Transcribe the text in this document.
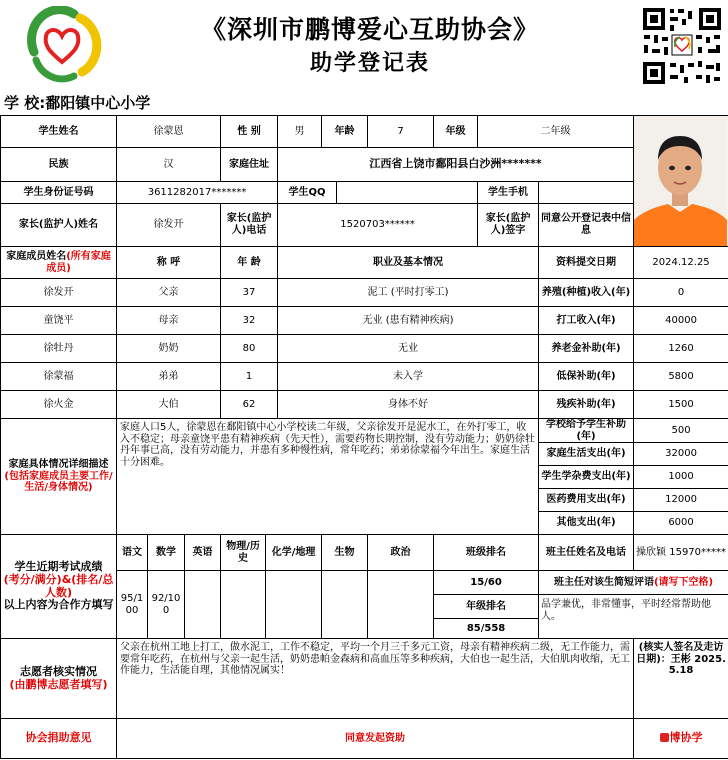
《深圳市鹏博爱心互助协会》
助学登记表
学 校:鄱阳镇中心小学
学生姓名	徐蒙恩			性 别		男	年龄		7	年级	二年级	

民族	汉			家庭住址		江西省上饶市鄱阳县白沙洲*******							
学生身份证号码	3611282017*******					学生QQ					学生手机		
家长(监护人)姓名	徐发开			家长(监护人)电话		1520703******					家长(监护人)签字	同意公开登记表中信息	
家庭成员姓名(所有家庭成员)	称 呼			年 龄		职业及基本情况						资料提交日期	2024.12.25
徐发开	父亲			37		泥工 (平时打零工)						养殖(种植)收入(年)	0
童饶平	母亲			32		无业 (患有精神疾病)						打工收入(年)	40000
徐牡丹	奶奶			80		无业						养老金补助(年)	1260
徐蒙福	弟弟			1		未入学						低保补助(年)	5800
徐火金	大伯			62		身体不好						残疾补助(年)	1500
家庭具体情况详细描述(包括家庭成员主要工作/生活/身体情况)	家庭人口5人，徐蒙恩在鄱阳镇中心小学校读二年级，父亲徐发开是泥水工，在外打零工，收入不稳定；母亲童饶平患有精神疾病（先天性），需要药物长期控制，没有劳动能力；奶奶徐牡丹年事已高，没有劳动能力，并患有多种慢性病，常年吃药；弟弟徐蒙福今年出生。家庭生活十分困难。											学校给予学生补助(年)	500
												家庭生活支出(年)	32000
												学生学杂费支出(年)	1000
												医药费用支出(年)	12000
												其他支出(年)	6000
学生近期考试成绩
(考分/满分)&(排名/总人数)
以上内容为合作方填写	语文	数学	英语	物理/历史	化学/地理		生物		政治	班级排名		班主任姓名及电话	操欣颖 15970*****
	95/100	92/100								15/60		班主任对该生简短评语(请写下空格)	
										年级排名		品学兼优，非常懂事，平时经常帮助他人。	
										85/558			
志愿者核实情况
(由鹏博志愿者填写)	父亲在杭州工地上打工，做水泥工，工作不稳定，平均一个月三千多元工资，母亲有精神疾病二级，无工作能力，需要常年吃药，在杭州与父亲一起生活，奶奶患帕金森病和高血压等多种疾病，大伯也一起生活，大伯肌肉收缩，无工作能力，生活能自理，其他情况属实！												(核实人签名及走访日期)：王彬 2025.5.18
协会捐助意见	同意发起资助												博协学
